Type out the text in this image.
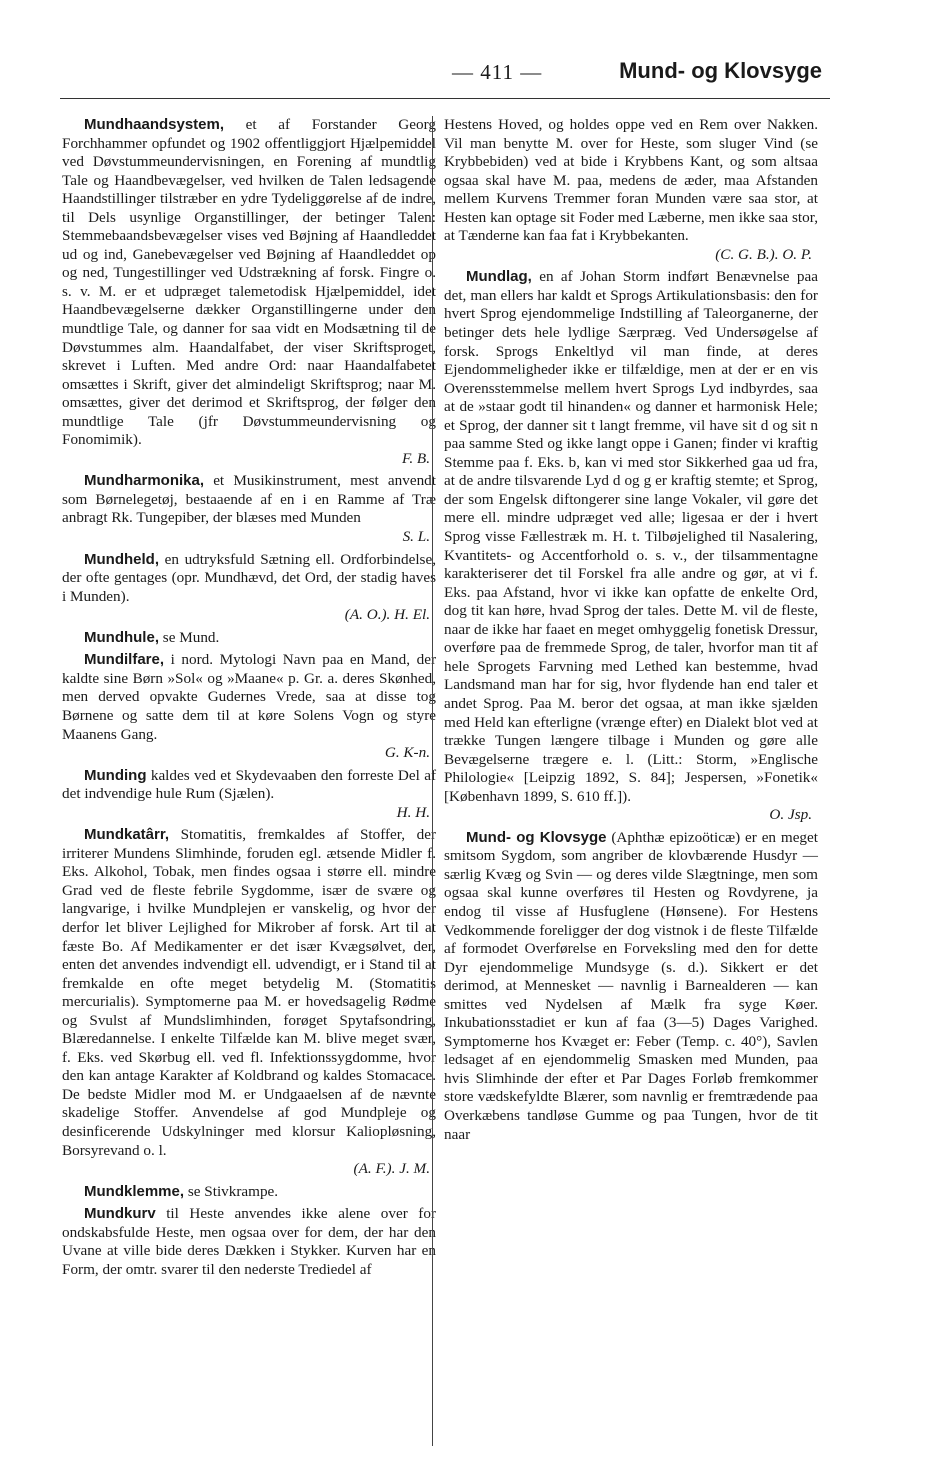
— 411 —	Mund- og Klovsyge

Mundhaandsystem, et af Forstander Georg Forchhammer opfundet og 1902 offentliggjort Hjælpemiddel ved Døvstummeundervisningen, en Forening af mundtlig Tale og Haandbevægelser, ved hvilken de Talen ledsagende Haandstillinger tilstræber en ydre Tydeliggørelse af de indre, til Dels usynlige Organstillinger, der betinger Talen: Stemmebaandsbevægelser vises ved Bøjning af Haandleddet ud og ind, Ganebevægelser ved Bøjning af Haandleddet op og ned, Tungestillinger ved Udstrækning af forsk. Fingre o. s. v. M. er et udpræget talemetodisk Hjælpemiddel, idet Haandbevægelserne dækker Organstillingerne under den mundtlige Tale, og danner for saa vidt en Modsætning til de Døvstummes alm. Haandalfabet, der viser Skriftsproget, skrevet i Luften. Med andre Ord: naar Haandalfabetet omsættes i Skrift, giver det almindeligt Skriftsprog; naar M. omsættes, giver det derimod et Skriftsprog, der følger den mundtlige Tale (jfr Døvstummeundervisning og Fonomimik).
F. B.

Mundharmonika, et Musikinstrument, mest anvendt som Børnelegetøj, bestaaende af en i en Ramme af Træ anbragt Rk. Tungepiber, der blæses med Munden
S. L.

Mundheld, en udtryksfuld Sætning ell. Ordforbindelse, der ofte gentages (opr. Mundhævd, det Ord, der stadig haves i Munden).
(A. O.). H. El.

Mundhule, se Mund.

Mundilfare, i nord. Mytologi Navn paa en Mand, der kaldte sine Børn »Sol« og »Maane« p. Gr. a. deres Skønhed, men derved opvakte Gudernes Vrede, saa at disse tog Børnene og satte dem til at køre Solens Vogn og styre Maanens Gang.
G. K-n.

Munding kaldes ved et Skydevaaben den forreste Del af det indvendige hule Rum (Sjælen).
H. H.

Mundkatârr, Stomatitis, fremkaldes af Stoffer, der irriterer Mundens Slimhinde, foruden egl. ætsende Midler f. Eks. Alkohol, Tobak, men findes ogsaa i større ell. mindre Grad ved de fleste febrile Sygdomme, især de svære og langvarige, i hvilke Mundplejen er vanskelig, og hvor der derfor let bliver Lejlighed for Mikrober af forsk. Art til at fæste Bo. Af Medikamenter er det især Kvægsølvet, der, enten det anvendes indvendigt ell. udvendigt, er i Stand til at fremkalde en ofte meget betydelig M. (Stomatitis mercurialis). Symptomerne paa M. er hovedsagelig Rødme og Svulst af Mundslimhinden, forøget Spytafsondring, Blæredannelse. I enkelte Tilfælde kan M. blive meget svær, f. Eks. ved Skørbug ell. ved fl. Infektionssygdomme, hvor den kan antage Karakter af Koldbrand og kaldes Stomacace. De bedste Midler mod M. er Undgaaelsen af de nævnte skadelige Stoffer. Anvendelse af god Mundpleje og desinficerende Udskylninger med klorsur Kaliopløsning, Borsyrevand o. l.
(A. F.). J. M.

Mundklemme, se Stivkrampe.

Mundkurv til Heste anvendes ikke alene over for ondskabsfulde Heste, men ogsaa over for dem, der har den Uvane at ville bide deres Dækken i Stykker. Kurven har en Form, der omtr. svarer til den nederste Trediedel af

Hestens Hoved, og holdes oppe ved en Rem over Nakken. Vil man benytte M. over for Heste, som sluger Vind (se Krybbebiden) ved at bide i Krybbens Kant, og som altsaa ogsaa skal have M. paa, medens de æder, maa Afstanden mellem Kurvens Tremmer foran Munden være saa stor, at Hesten kan optage sit Foder med Læberne, men ikke saa stor, at Tænderne kan faa fat i Krybbekanten.
(C. G. B.). O. P.

Mundlag, en af Johan Storm indført Benævnelse paa det, man ellers har kaldt et Sprogs Artikulationsbasis: den for hvert Sprog ejendommelige Indstilling af Taleorganerne, der betinger dets hele lydlige Særpræg. Ved Undersøgelse af forsk. Sprogs Enkeltlyd vil man finde, at deres Ejendommeligheder ikke er tilfældige, men at der er en vis Overensstemmelse mellem hvert Sprogs Lyd indbyrdes, saa at de »staar godt til hinanden« og danner et harmonisk Hele; et Sprog, der danner sit t langt fremme, vil have sit d og sit n paa samme Sted og ikke langt oppe i Ganen; finder vi kraftig Stemme paa f. Eks. b, kan vi med stor Sikkerhed gaa ud fra, at de andre tilsvarende Lyd d og g er kraftig stemte; et Sprog, der som Engelsk diftongerer sine lange Vokaler, vil gøre det mere ell. mindre udpræget ved alle; ligesaa er der i hvert Sprog visse Fællestræk m. H. t. Tilbøjelighed til Nasalering, Kvantitets- og Accentforhold o. s. v., der tilsammentagne karakteriserer det til Forskel fra alle andre og gør, at vi f. Eks. paa Afstand, hvor vi ikke kan opfatte de enkelte Ord, dog tit kan høre, hvad Sprog der tales. Dette M. vil de fleste, naar de ikke har faaet en meget omhyggelig fonetisk Dressur, overføre paa de fremmede Sprog, de taler, hvorfor man tit af hele Sprogets Farvning med Lethed kan bestemme, hvad Landsmand man har for sig, hvor flydende han end taler et andet Sprog. Paa M. beror det ogsaa, at man ikke sjælden med Held kan efterligne (vrænge efter) en Dialekt blot ved at trække Tungen længere tilbage i Munden og gøre alle Bevægelserne trægere e. l. (Litt.: Storm, »Englische Philologie« [Leipzig 1892, S. 84]; Jespersen, »Fonetik« [København 1899, S. 610 ff.]).
O. Jsp.

Mund- og Klovsyge (Aphthæ epizoöticæ) er en meget smitsom Sygdom, som angriber de klovbærende Husdyr — særlig Kvæg og Svin — og deres vilde Slægtninge, men som ogsaa skal kunne overføres til Hesten og Rovdyrene, ja endog til visse af Husfuglene (Hønsene). For Hestens Vedkommende foreligger der dog vistnok i de fleste Tilfælde af formodet Overførelse en Forveksling med den for dette Dyr ejendommelige Mundsyge (s. d.). Sikkert er det derimod, at Mennesket — navnlig i Barnealderen — kan smittes ved Nydelsen af Mælk fra syge Køer. Inkubationsstadiet er kun af faa (3—5) Dages Varighed. Symptomerne hos Kvæget er: Feber (Temp. c. 40°), Savlen ledsaget af en ejendommelig Smasken med Munden, paa hvis Slimhinde der efter et Par Dages Forløb fremkommer store vædskefyldte Blærer, som navnlig er fremtrædende paa Overkæbens tandløse Gumme og paa Tungen, hvor de tit naar
